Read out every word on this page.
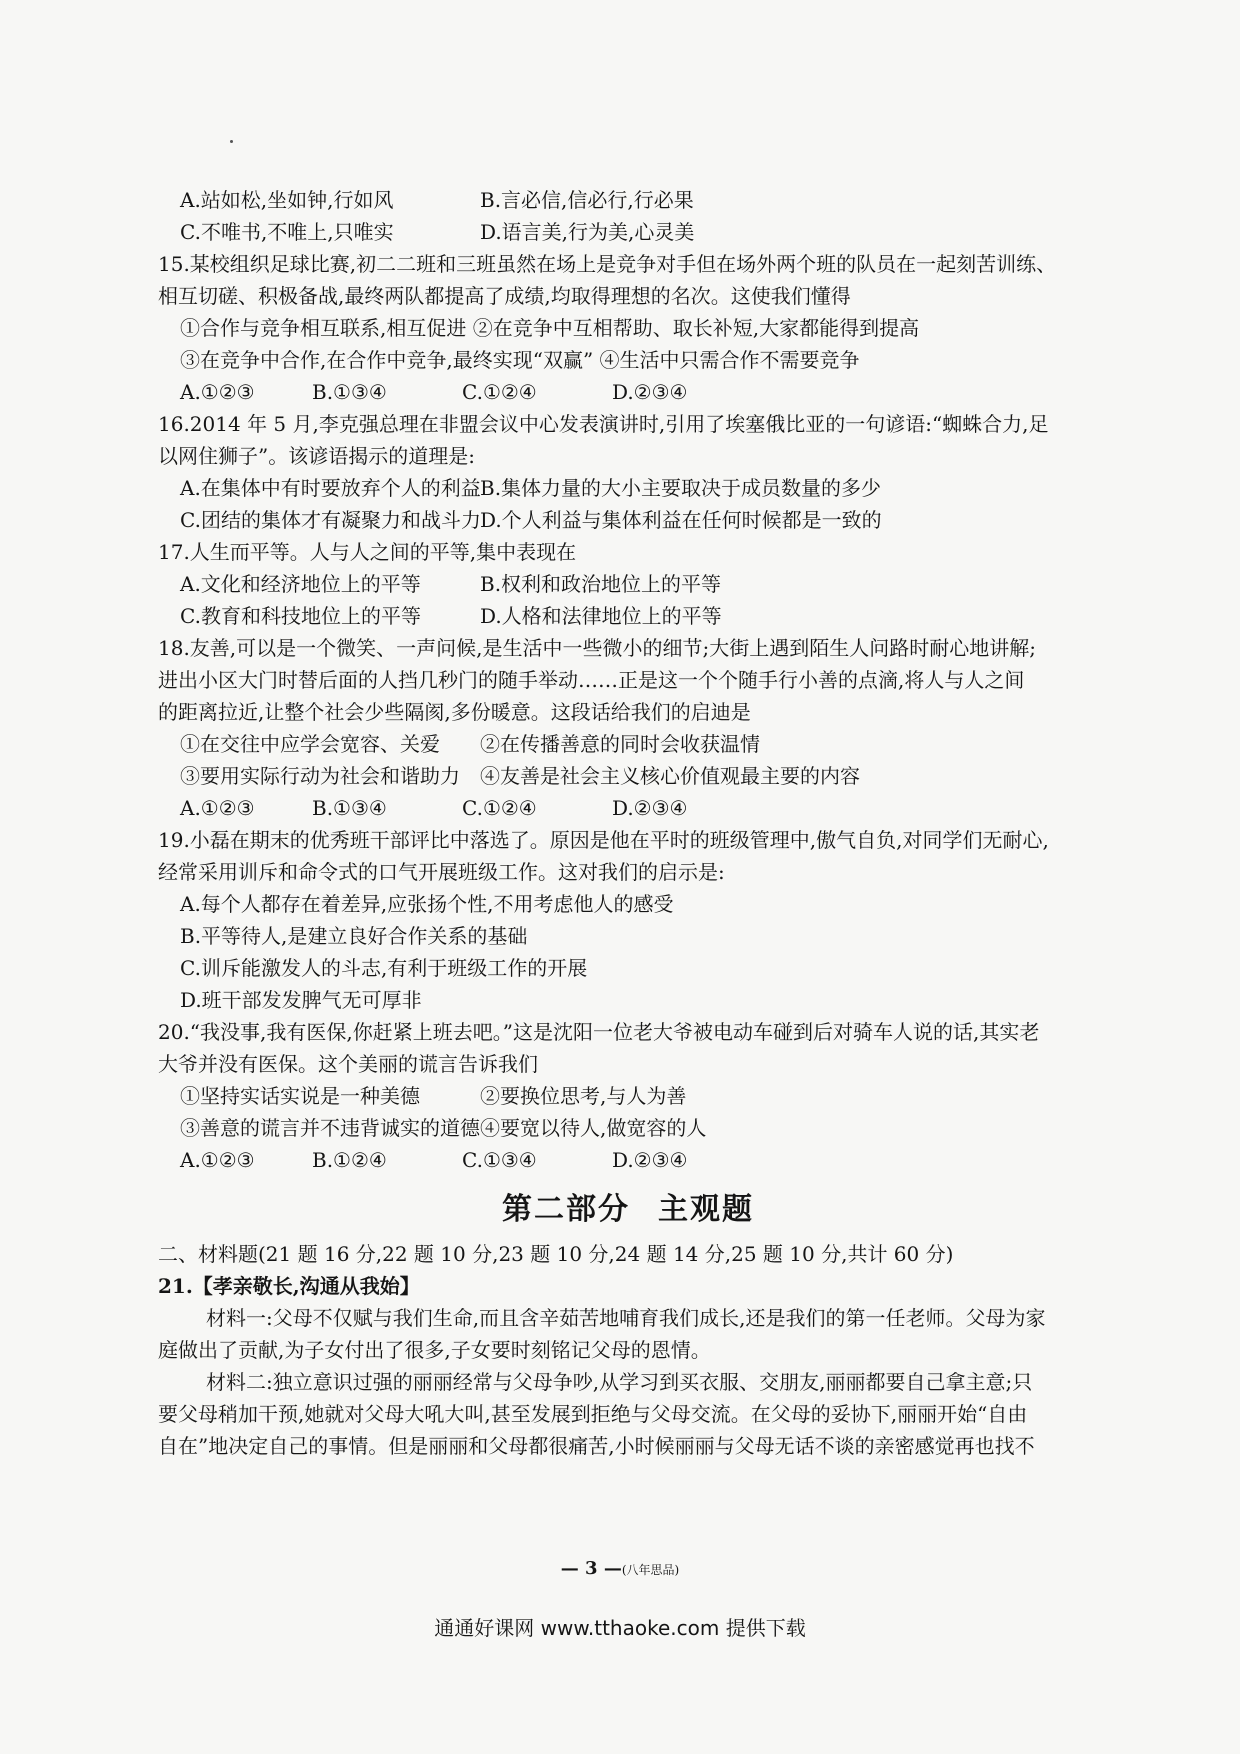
A.站如松,坐如钟,行如风	B.言必信,信必行,行必果
C.不唯书,不唯上,只唯实	D.语言美,行为美,心灵美
15.某校组织足球比赛,初二二班和三班虽然在场上是竞争对手但在场外两个班的队员在一起刻苦训练、
相互切磋、积极备战,最终两队都提高了成绩,均取得理想的名次。这使我们懂得
①合作与竞争相互联系,相互促进 ②在竞争中互相帮助、取长补短,大家都能得到提高
③在竞争中合作,在合作中竞争,最终实现“双赢” ④生活中只需合作不需要竞争
A.①②③	B.①③④	C.①②④	D.②③④
16.2014 年 5 月,李克强总理在非盟会议中心发表演讲时,引用了埃塞俄比亚的一句谚语:“蜘蛛合力,足
以网住狮子”。该谚语揭示的道理是:
A.在集体中有时要放弃个人的利益B.集体力量的大小主要取决于成员数量的多少
C.团结的集体才有凝聚力和战斗力D.个人利益与集体利益在任何时候都是一致的
17.人生而平等。人与人之间的平等,集中表现在
A.文化和经济地位上的平等	B.权利和政治地位上的平等
C.教育和科技地位上的平等	D.人格和法律地位上的平等
18.友善,可以是一个微笑、一声问候,是生活中一些微小的细节;大街上遇到陌生人问路时耐心地讲解;
进出小区大门时替后面的人挡几秒门的随手举动……正是这一个个随手行小善的点滴,将人与人之间
的距离拉近,让整个社会少些隔阂,多份暖意。这段话给我们的启迪是
①在交往中应学会宽容、关爱 ②在传播善意的同时会收获温情
③要用实际行动为社会和谐助力 ④友善是社会主义核心价值观最主要的内容
A.①②③	B.①③④	C.①②④	D.②③④
19.小磊在期末的优秀班干部评比中落选了。原因是他在平时的班级管理中,傲气自负,对同学们无耐心,
经常采用训斥和命令式的口气开展班级工作。这对我们的启示是:
A.每个人都存在着差异,应张扬个性,不用考虑他人的感受
B.平等待人,是建立良好合作关系的基础
C.训斥能激发人的斗志,有利于班级工作的开展
D.班干部发发脾气无可厚非
20.“我没事,我有医保,你赶紧上班去吧。”这是沈阳一位老大爷被电动车碰到后对骑车人说的话,其实老
大爷并没有医保。这个美丽的谎言告诉我们
①坚持实话实说是一种美德	②要换位思考,与人为善
③善意的谎言并不违背诚实的道德④要宽以待人,做宽容的人
A.①②③	B.①②④	C.①③④	D.②③④
第二部分 主观题
二、材料题(21 题 16 分,22 题 10 分,23 题 10 分,24 题 14 分,25 题 10 分,共计 60 分)
21.【孝亲敬长,沟通从我始】
材料一:父母不仅赋与我们生命,而且含辛茹苦地哺育我们成长,还是我们的第一任老师。父母为家
庭做出了贡献,为子女付出了很多,子女要时刻铭记父母的恩情。
材料二:独立意识过强的丽丽经常与父母争吵,从学习到买衣服、交朋友,丽丽都要自己拿主意;只
要父母稍加干预,她就对父母大吼大叫,甚至发展到拒绝与父母交流。在父母的妥协下,丽丽开始“自由
自在”地决定自己的事情。但是丽丽和父母都很痛苦,小时候丽丽与父母无话不谈的亲密感觉再也找不
— 3 —(八年思品)
通通好课网 www.tthaoke.com 提供下载
